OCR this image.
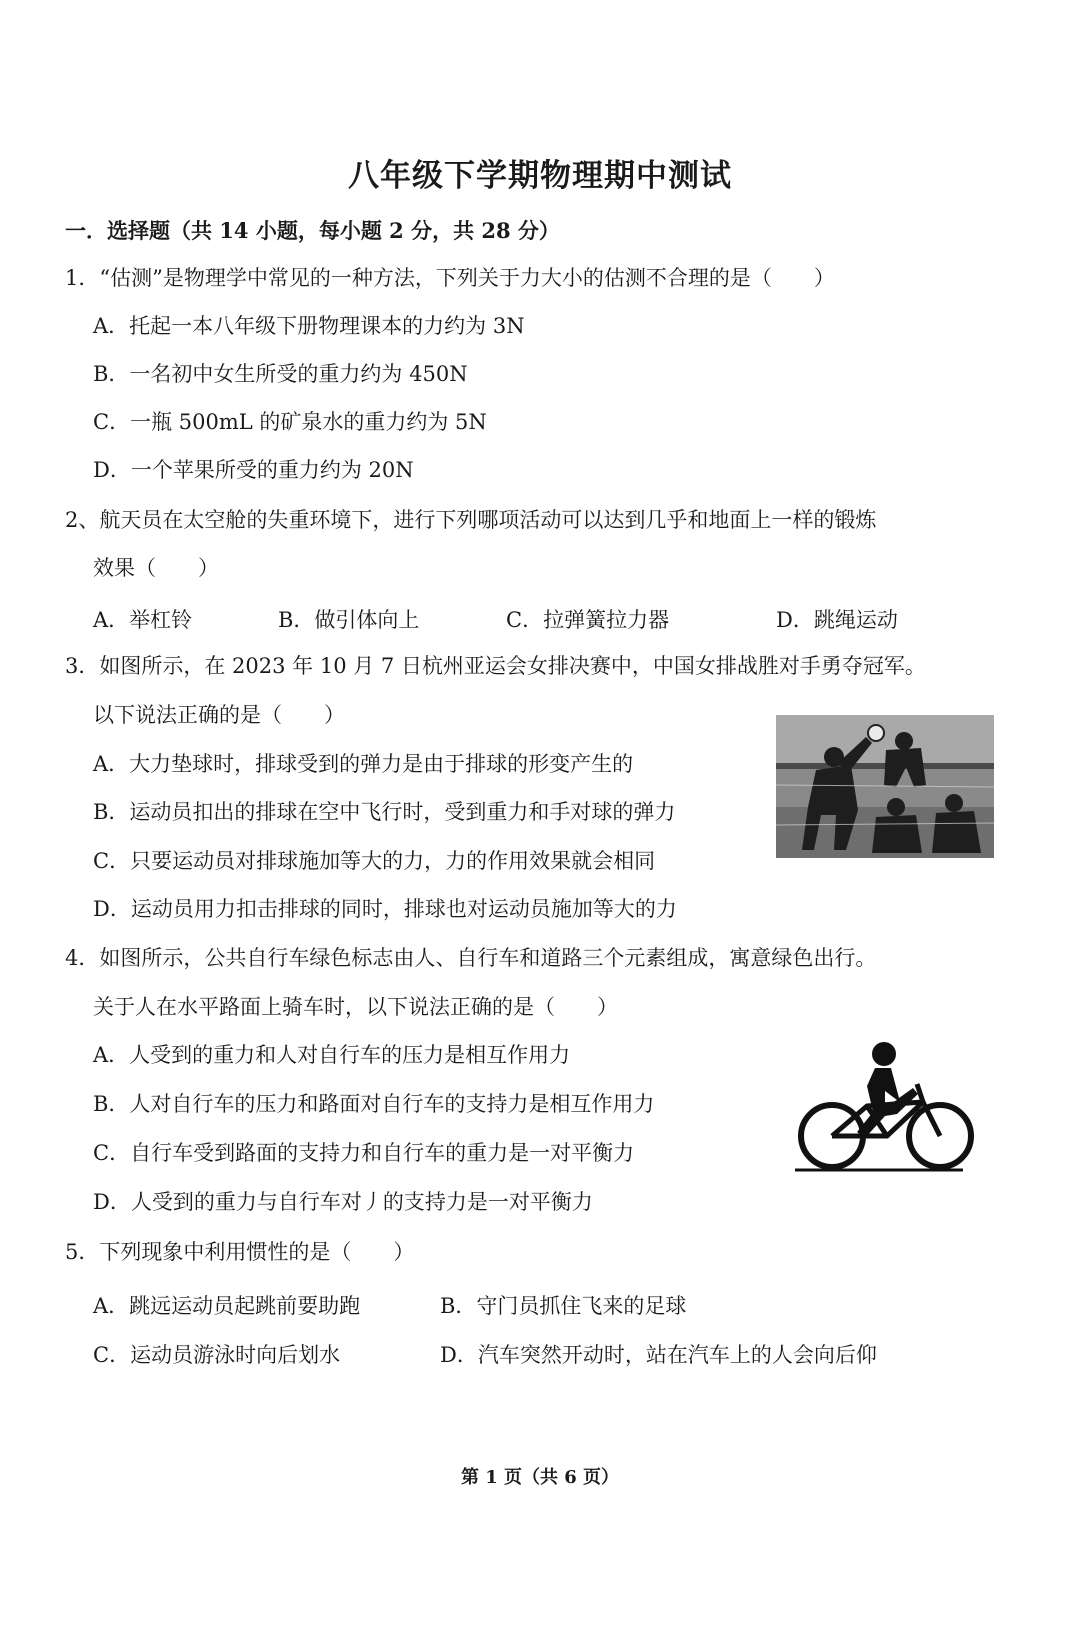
八年级下学期物理期中测试
一．选择题（共 14 小题，每小题 2 分，共 28 分）
1．“估测”是物理学中常见的一种方法，下列关于力大小的估测不合理的是（　　）
A．托起一本八年级下册物理课本的力约为 3N
B．一名初中女生所受的重力约为 450N
C．一瓶 500mL 的矿泉水的重力约为 5N
D．一个苹果所受的重力约为 20N
2、航天员在太空舱的失重环境下，进行下列哪项活动可以达到几乎和地面上一样的锻炼
效果（　　）
A．举杠铃	B．做引体向上	C．拉弹簧拉力器	D．跳绳运动
3．如图所示，在 2023 年 10 月 7 日杭州亚运会女排决赛中，中国女排战胜对手勇夺冠军。
以下说法正确的是（　　）
A．大力垫球时，排球受到的弹力是由于排球的形变产生的
B．运动员扣出的排球在空中飞行时，受到重力和手对球的弹力
C．只要运动员对排球施加等大的力，力的作用效果就会相同
D．运动员用力扣击排球的同时，排球也对运动员施加等大的力
4．如图所示，公共自行车绿色标志由人、自行车和道路三个元素组成，寓意绿色出行。
关于人在水平路面上骑车时，以下说法正确的是（　　）
A．人受到的重力和人对自行车的压力是相互作用力
B．人对自行车的压力和路面对自行车的支持力是相互作用力
C．自行车受到路面的支持力和自行车的重力是一对平衡力
D．人受到的重力与自行车对丿的支持力是一对平衡力
5．下列现象中利用惯性的是（　　）
A．跳远运动员起跳前要助跑	B．守门员抓住飞来的足球
C．运动员游泳时向后划水	D．汽车突然开动时，站在汽车上的人会向后仰
第 1 页（共 6 页）
